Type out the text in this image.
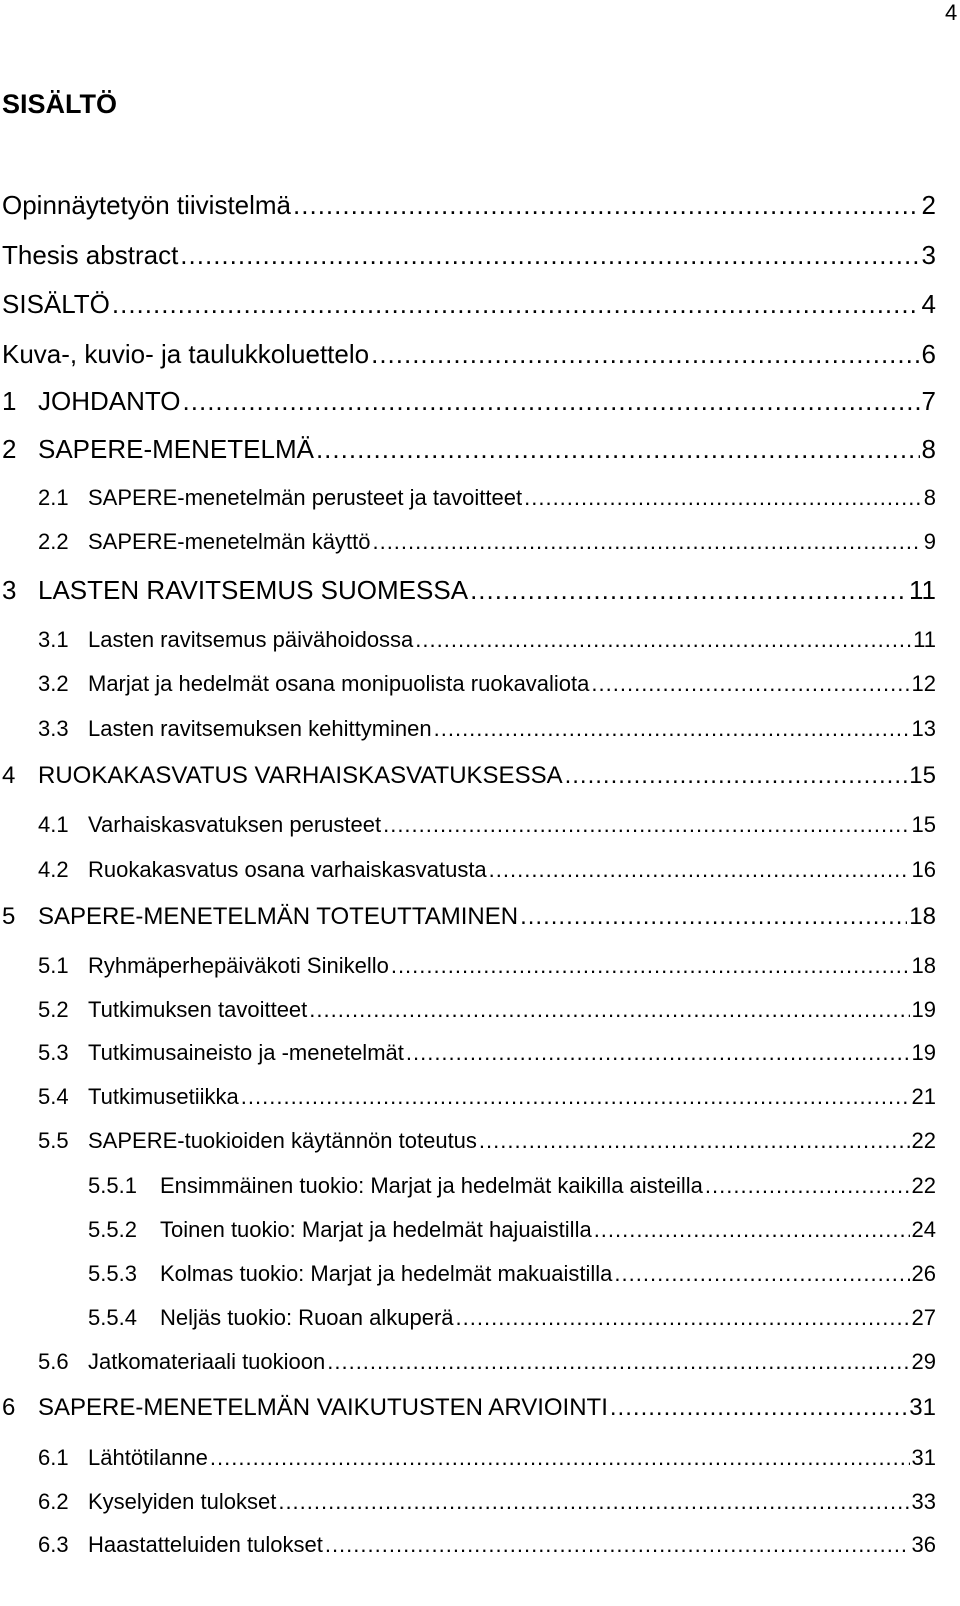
4
SISÄLTÖ
Opinnäytetyön tiivistelmä .....	2
Thesis abstract .....	3
SISÄLTÖ .....	4
Kuva-, kuvio- ja taulukkoluettelo .....	6
1 JOHDANTO .....	7
2 SAPERE-MENETELMÄ .....	8
2.1 SAPERE-menetelmän perusteet ja tavoitteet .....	8
2.2 SAPERE-menetelmän käyttö .....	9
3 LASTEN RAVITSEMUS SUOMESSA .....	11
3.1 Lasten ravitsemus päivähoidossa .....	11
3.2 Marjat ja hedelmät osana monipuolista ruokavaliota .....	12
3.3 Lasten ravitsemuksen kehittyminen .....	13
4 RUOKAKASVATUS VARHAISKASVATUKSESSA .....	15
4.1 Varhaiskasvatuksen perusteet .....	15
4.2 Ruokakasvatus osana varhaiskasvatusta .....	16
5 SAPERE-MENETELMÄN TOTEUTTAMINEN .....	18
5.1 Ryhmäperhepäiväkoti Sinikello .....	18
5.2 Tutkimuksen tavoitteet .....	19
5.3 Tutkimusaineisto ja -menetelmät .....	19
5.4 Tutkimusetiikka .....	21
5.5 SAPERE-tuokioiden käytännön toteutus .....	22
5.5.1	Ensimmäinen tuokio: Marjat ja hedelmät kaikilla aisteilla .....	22
5.5.2	Toinen tuokio: Marjat ja hedelmät hajuaistilla .....	24
5.5.3	Kolmas tuokio: Marjat ja hedelmät makuaistilla .....	26
5.5.4	Neljäs tuokio: Ruoan alkuperä .....	27
5.6 Jatkomateriaali tuokioon .....	29
6 SAPERE-MENETELMÄN VAIKUTUSTEN ARVIOINTI .....	31
6.1 Lähtötilanne .....	31
6.2 Kyselyiden tulokset .....	33
6.3 Haastatteluiden tulokset .....	36
